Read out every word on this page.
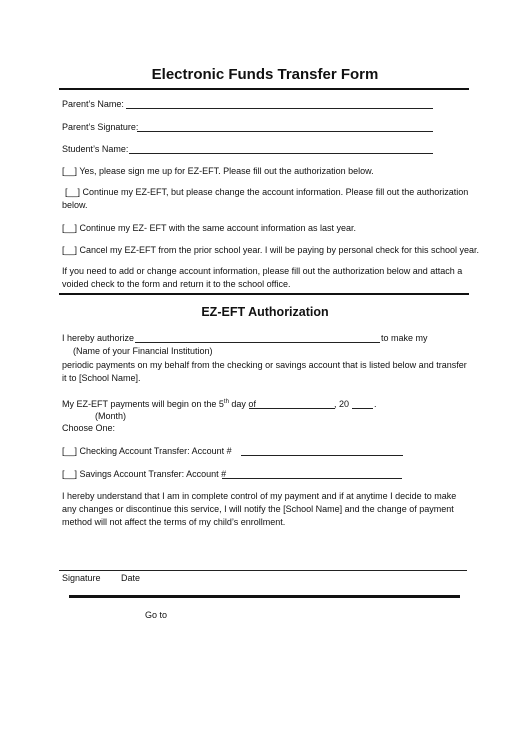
Electronic Funds Transfer Form
Parent’s Name:
Parent’s Signature:
Student’s Name:
[__] Yes, please sign me up for EZ-EFT. Please fill out the authorization below.
[__] Continue my EZ-EFT, but please change the account information. Please fill out the authorization below.
[__] Continue my EZ- EFT with the same account information as last year.
[__] Cancel my EZ-EFT from the prior school year. I will be paying by personal check for this school year.
If you need to add or change account information, please fill out the authorization below and attach a voided check to the form and return it to the school office.
EZ-EFT Authorization
I hereby authorize	to make my
(Name of your Financial Institution)
periodic payments on my behalf from the checking or savings account that is listed below and transfer it to [School Name].
My EZ-EFT payments will begin on the 5th day of	, 20	.
(Month)
Choose One:
[__] Checking Account Transfer: Account #
[__] Savings Account Transfer: Account #
I hereby understand that I am in complete control of my payment and if at anytime I decide to make any changes or discontinue this service, I will notify the [School Name] and the change of payment method will not affect the terms of my child’s enrollment.
Signature Date
Go to
